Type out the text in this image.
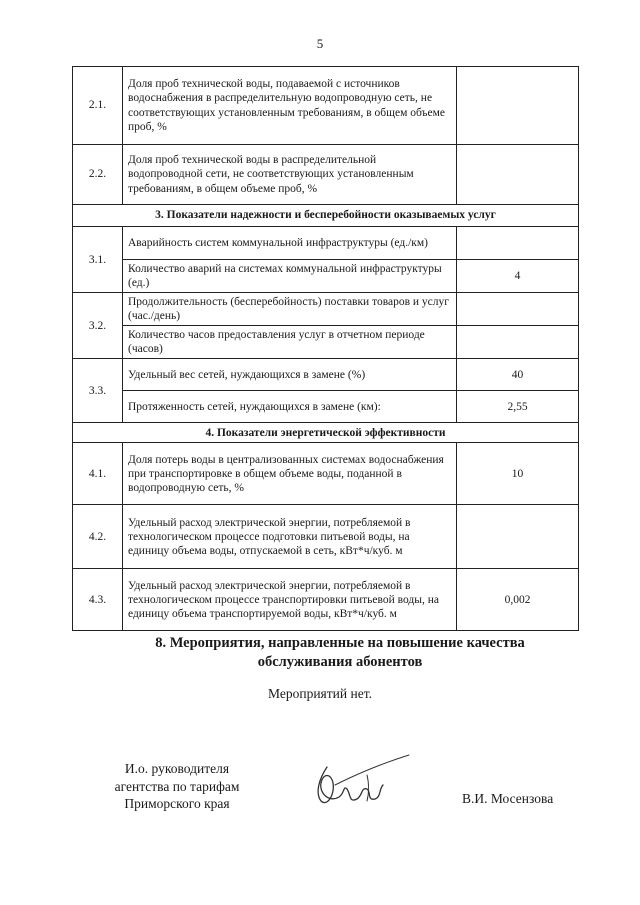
5
2.1.	Доля проб технической воды, подаваемой с источников водоснабжения в распределительную водопроводную сеть, не соответствующих установленным требованиям, в общем объеме проб, %	
2.2.	Доля проб технической воды в распределительной водопроводной сети, не соответствующих установленным требованиям, в общем объеме проб, %	
3. Показатели надежности и бесперебойности оказываемых услуг		
3.1.	Аварийность систем коммунальной инфраструктуры (ед./км)	
	Количество аварий на системах коммунальной инфраструктуры (ед.)	4
3.2.	Продолжительность (бесперебойность) поставки товаров и услуг (час./день)	
	Количество часов предоставления услуг в отчетном периоде (часов)	
3.3.	Удельный вес сетей, нуждающихся в замене (%)	40
	Протяженность сетей, нуждающихся в замене (км):	2,55
4. Показатели энергетической эффективности		
4.1.	Доля потерь воды в централизованных системах водоснабжения при транспортировке в общем объеме воды, поданной в водопроводную сеть, %	10
4.2.	Удельный расход электрической энергии, потребляемой в технологическом процессе подготовки питьевой воды, на единицу объема воды, отпускаемой в сеть, кВт*ч/куб. м	
4.3.	Удельный расход электрической энергии, потребляемой в технологическом процессе транспортировки питьевой воды, на единицу объема транспортируемой воды, кВт*ч/куб. м	0,002
8. Мероприятия, направленные на повышение качества
обслуживания абонентов
Мероприятий нет.
И.о. руководителя
агентства по тарифам
Приморского края	В.И. Мосензова
